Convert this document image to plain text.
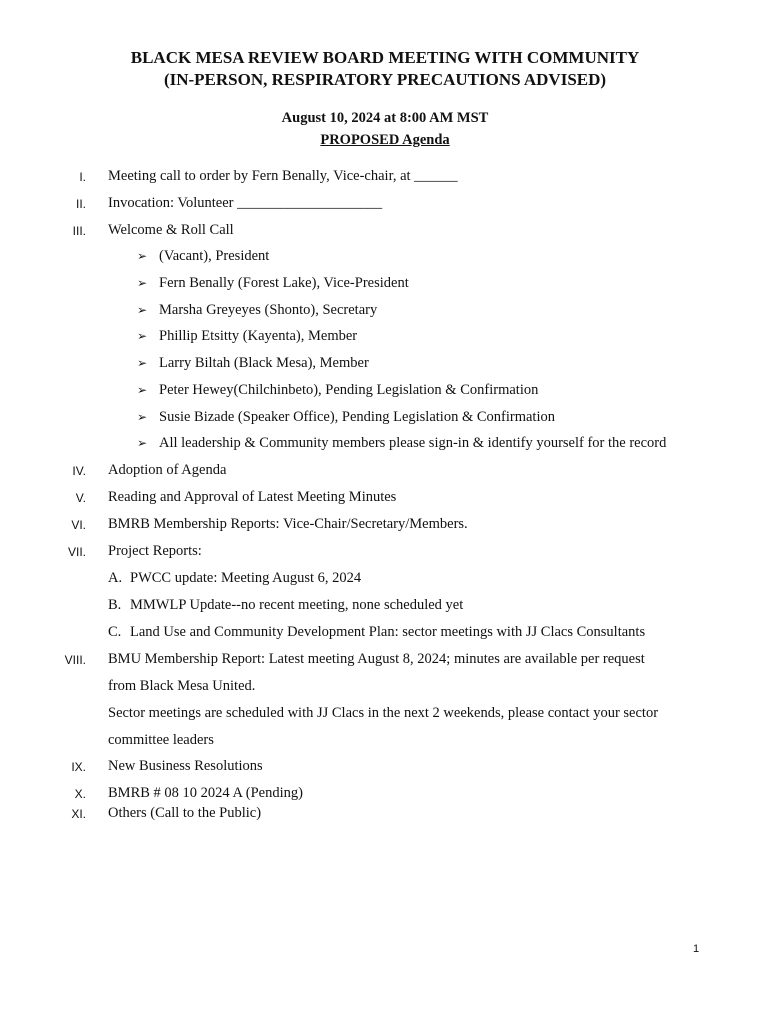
BLACK MESA REVIEW BOARD MEETING WITH COMMUNITY
(IN-PERSON, RESPIRATORY PRECAUTIONS ADVISED)
August 10, 2024 at 8:00 AM MST
PROPOSED Agenda
I. Meeting call to order by Fern Benally, Vice-chair, at ______
II. Invocation: Volunteer ____________________
III. Welcome & Roll Call
➢ (Vacant), President
➢ Fern Benally (Forest Lake), Vice-President
➢ Marsha Greyeyes (Shonto), Secretary
➢ Phillip Etsitty (Kayenta), Member
➢ Larry Biltah (Black Mesa), Member
➢ Peter Hewey(Chilchinbeto), Pending Legislation & Confirmation
➢ Susie Bizade (Speaker Office), Pending Legislation & Confirmation
➢ All leadership & Community members please sign-in & identify yourself for the record
IV. Adoption of Agenda
V. Reading and Approval of Latest Meeting Minutes
VI. BMRB Membership Reports: Vice-Chair/Secretary/Members.
VII. Project Reports:
A. PWCC update: Meeting August 6, 2024
B. MMWLP Update--no recent meeting, none scheduled yet
C. Land Use and Community Development Plan: sector meetings with JJ Clacs Consultants
VIII. BMU Membership Report: Latest meeting August 8, 2024; minutes are available per request
from Black Mesa United.
Sector meetings are scheduled with JJ Clacs in the next 2 weekends, please contact your sector
committee leaders
IX. New Business Resolutions
X. BMRB # 08 10 2024 A (Pending)
XI. Others (Call to the Public)
1
